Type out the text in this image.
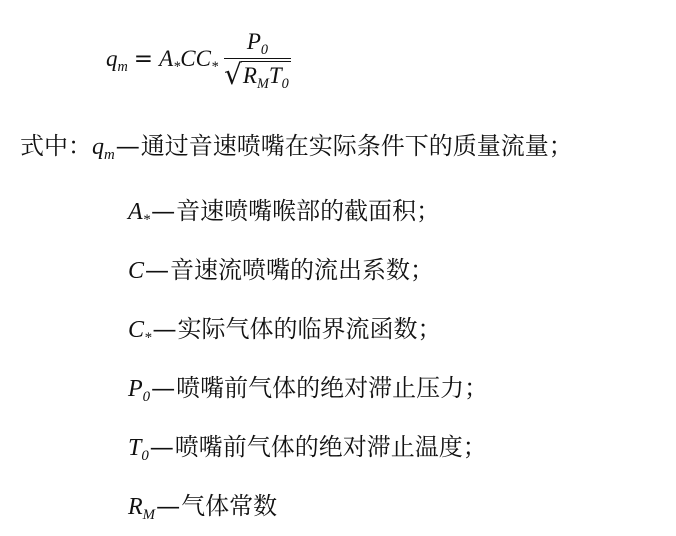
$q_m = A_*$ $CC_* \frac{P_0}{√ R_MT_0}$
式中： $q_m$ — 通过音速喷嘴在实际条件下的质量流量；
$A_*$ — 音速喷嘴喉部的截面积；
C — 音速流喷嘴的流出系数；
$C_*$ — 实际气体的临界流函数；
$P_0$ — 喷嘴前气体的绝对滞止压力；
$T_0$ — 喷嘴前气体的绝对滞止温度；
$R_M$ — 气体常数
